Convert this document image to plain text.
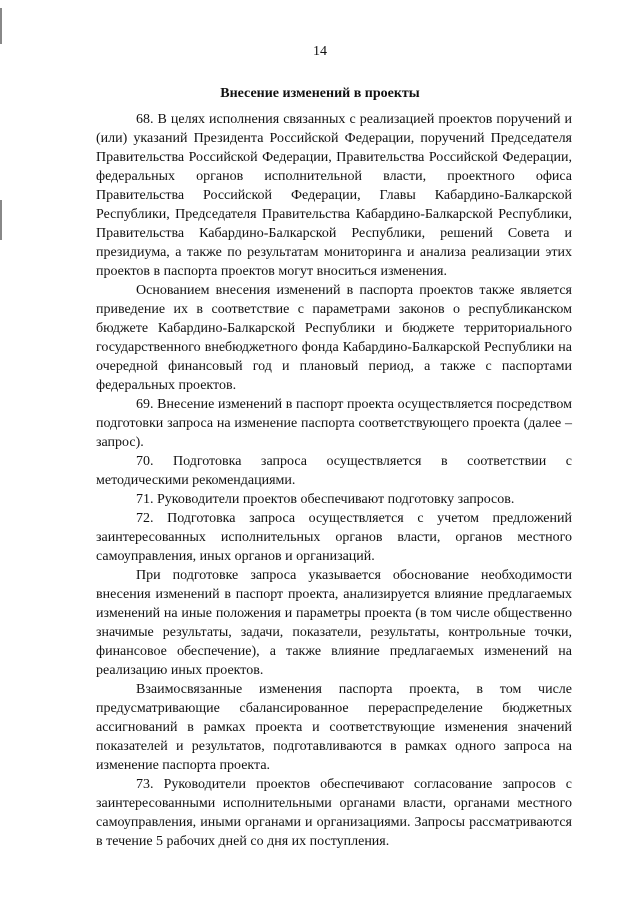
14
Внесение изменений в проекты

68. В целях исполнения связанных с реализацией проектов поручений и (или) указаний Президента Российской Федерации, поручений Председателя Правительства Российской Федерации, Правительства Российской Федерации, федеральных органов исполнительной власти, проектного офиса Правительства Российской Федерации, Главы Кабардино-Балкарской Республики, Председателя Правительства Кабардино-Балкарской Республики, Правительства Кабардино-Балкарской Республики, решений Совета и президиума, а также по результатам мониторинга и анализа реализации этих проектов в паспорта проектов могут вноситься изменения.

Основанием внесения изменений в паспорта проектов также является приведение их в соответствие с параметрами законов о республиканском бюджете Кабардино-Балкарской Республики и бюджете территориального государственного внебюджетного фонда Кабардино-Балкарской Республики на очередной финансовый год и плановый период, а также с паспортами федеральных проектов.

69. Внесение изменений в паспорт проекта осуществляется посредством подготовки запроса на изменение паспорта соответствующего проекта (далее – запрос).

70. Подготовка запроса осуществляется в соответствии с методическими рекомендациями.

71. Руководители проектов обеспечивают подготовку запросов.

72. Подготовка запроса осуществляется с учетом предложений заинтересованных исполнительных органов власти, органов местного самоуправления, иных органов и организаций.

При подготовке запроса указывается обоснование необходимости внесения изменений в паспорт проекта, анализируется влияние предлагаемых изменений на иные положения и параметры проекта (в том числе общественно значимые результаты, задачи, показатели, результаты, контрольные точки, финансовое обеспечение), а также влияние предлагаемых изменений на реализацию иных проектов.

Взаимосвязанные изменения паспорта проекта, в том числе предусматривающие сбалансированное перераспределение бюджетных ассигнований в рамках проекта и соответствующие изменения значений показателей и результатов, подготавливаются в рамках одного запроса на изменение паспорта проекта.

73. Руководители проектов обеспечивают согласование запросов с заинтересованными исполнительными органами власти, органами местного самоуправления, иными органами и организациями. Запросы рассматриваются в течение 5 рабочих дней со дня их поступления.
